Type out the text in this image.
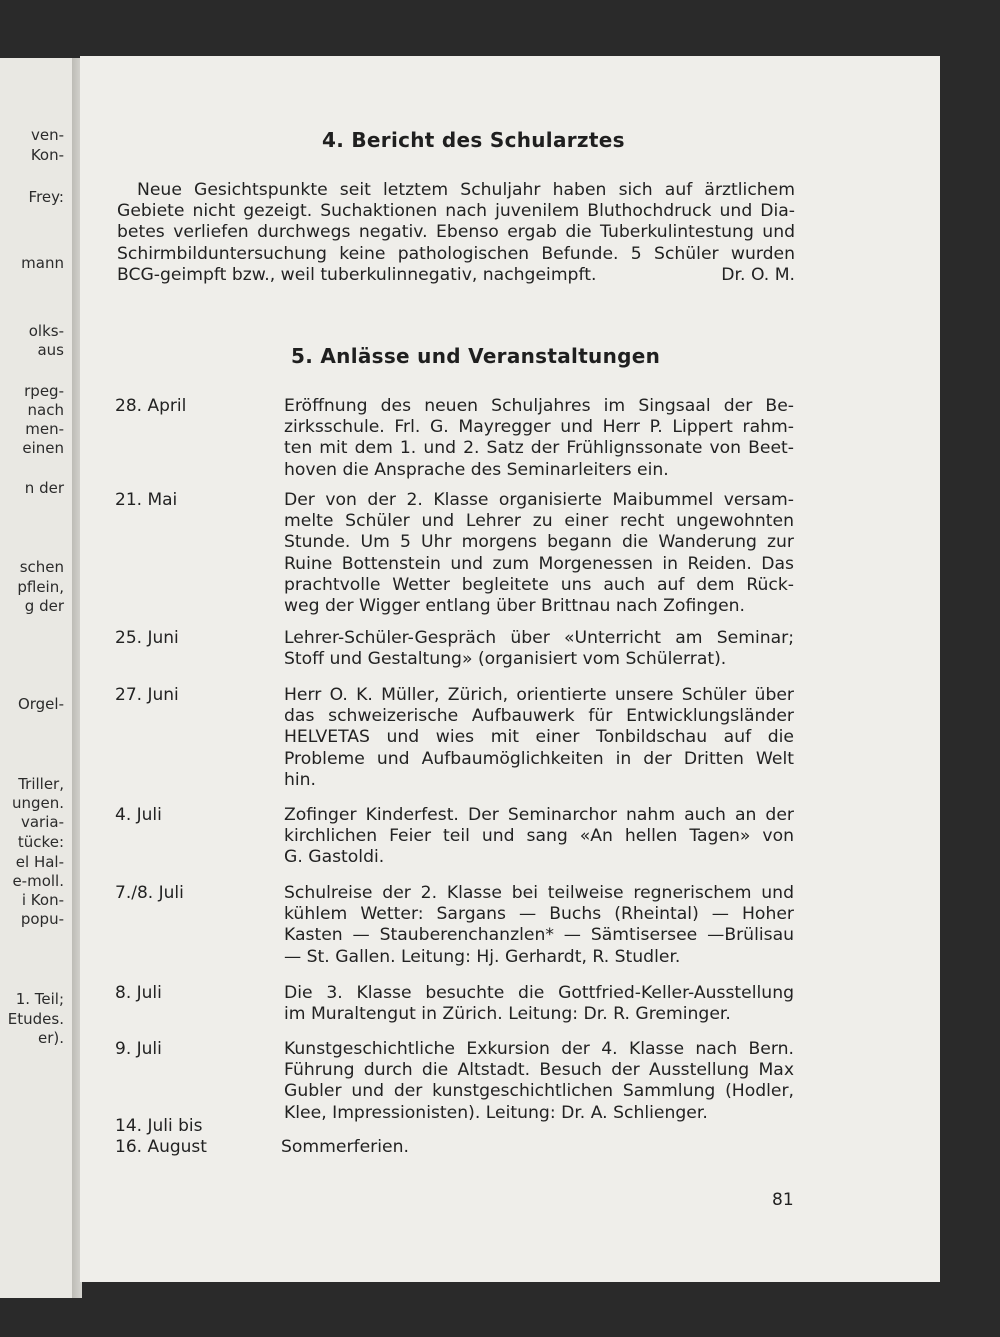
ven-
Kon-
Frey:
mann
olks-
aus
rpeg-
nach
men-
einen
n der
schen
pflein,
g der
Orgel-
Triller,
ungen.
varia-
tücke:
el Hal-
e-moll.
i Kon-
popu-
1. Teil;
Etudes.
er).
4. Bericht des Schularztes
Neue Gesichtspunkte seit letztem Schuljahr haben sich auf ärztlichem
Gebiete nicht gezeigt. Suchaktionen nach juvenilem Bluthochdruck und Dia-
betes verliefen durchwegs negativ. Ebenso ergab die Tuberkulintestung und
Schirmbilduntersuchung keine pathologischen Befunde. 5 Schüler wurden
BCG-geimpft bzw., weil tuberkulinnegativ, nachgeimpft.	Dr. O. M.
5. Anlässe und Veranstaltungen
28. April	Eröffnung des neuen Schuljahres im Singsaal der Be-
zirksschule. Frl. G. Mayregger und Herr P. Lippert rahm-
ten mit dem 1. und 2. Satz der Frühlignssonate von Beet-
hoven die Ansprache des Seminarleiters ein.
21. Mai	Der von der 2. Klasse organisierte Maibummel versam-
melte Schüler und Lehrer zu einer recht ungewohnten
Stunde. Um 5 Uhr morgens begann die Wanderung zur
Ruine Bottenstein und zum Morgenessen in Reiden. Das
prachtvolle Wetter begleitete uns auch auf dem Rück-
weg der Wigger entlang über Brittnau nach Zofingen.
25. Juni	Lehrer-Schüler-Gespräch über «Unterricht am Seminar;
Stoff und Gestaltung» (organisiert vom Schülerrat).
27. Juni	Herr O. K. Müller, Zürich, orientierte unsere Schüler über
das schweizerische Aufbauwerk für Entwicklungsländer
HELVETAS und wies mit einer Tonbildschau auf die
Probleme und Aufbaumöglichkeiten in der Dritten Welt
hin.
4. Juli	Zofinger Kinderfest. Der Seminarchor nahm auch an der
kirchlichen Feier teil und sang «An hellen Tagen» von
G. Gastoldi.
7./8. Juli	Schulreise der 2. Klasse bei teilweise regnerischem und
kühlem Wetter: Sargans — Buchs (Rheintal) — Hoher
Kasten — Stauberenchanzlen* — Sämtisersee —Brülisau
— St. Gallen. Leitung: Hj. Gerhardt, R. Studler.
8. Juli	Die 3. Klasse besuchte die Gottfried-Keller-Ausstellung
im Muraltengut in Zürich. Leitung: Dr. R. Greminger.
9. Juli	Kunstgeschichtliche Exkursion der 4. Klasse nach Bern.
Führung durch die Altstadt. Besuch der Ausstellung Max
Gubler und der kunstgeschichtlichen Sammlung (Hodler,
Klee, Impressionisten). Leitung: Dr. A. Schlienger.
14. Juli bis
16. August	Sommerferien.
81
